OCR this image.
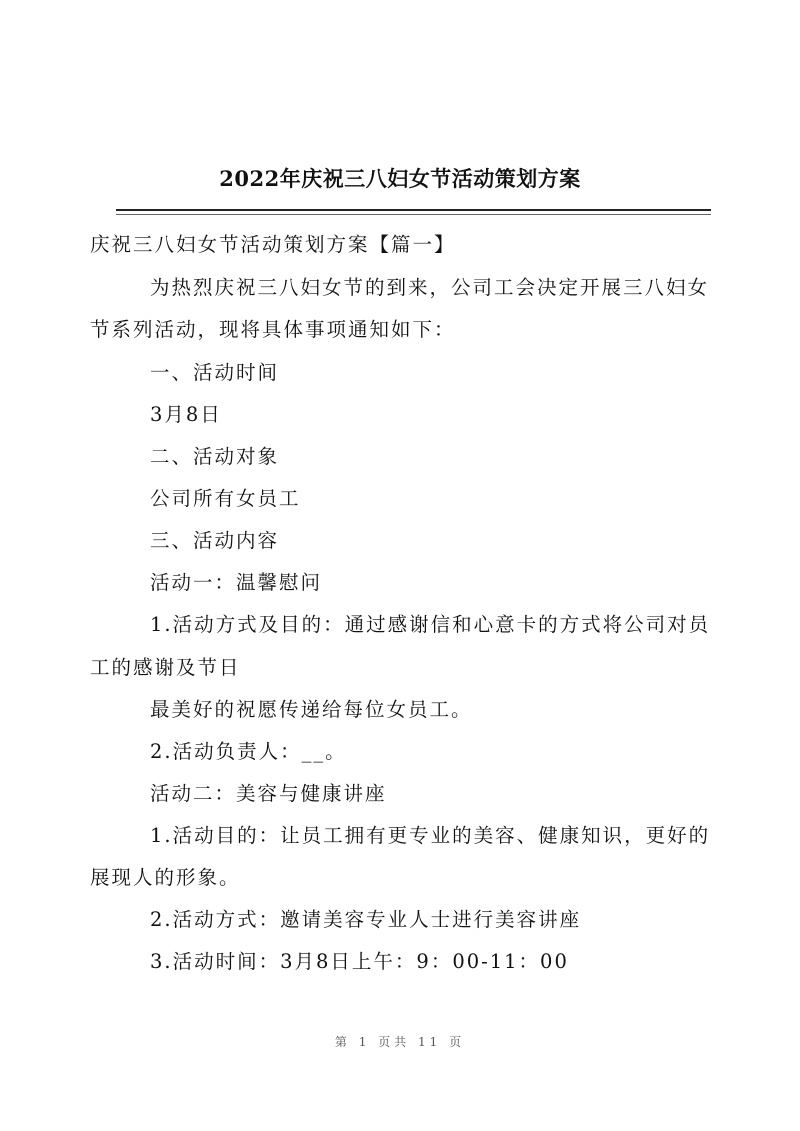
2022年庆祝三八妇女节活动策划方案
庆祝三八妇女节活动策划方案【篇一】
为热烈庆祝三八妇女节的到来，公司工会决定开展三八妇女
节系列活动，现将具体事项通知如下：
一、活动时间
3月8日
二、活动对象
公司所有女员工
三、活动内容
活动一：温馨慰问
1.活动方式及目的：通过感谢信和心意卡的方式将公司对员
工的感谢及节日
最美好的祝愿传递给每位女员工。
2.活动负责人：__。
活动二：美容与健康讲座
1.活动目的：让员工拥有更专业的美容、健康知识，更好的
展现人的形象。
2.活动方式：邀请美容专业人士进行美容讲座
3.活动时间：3月8日上午：9：00-11：00
第 1 页共 11 页
